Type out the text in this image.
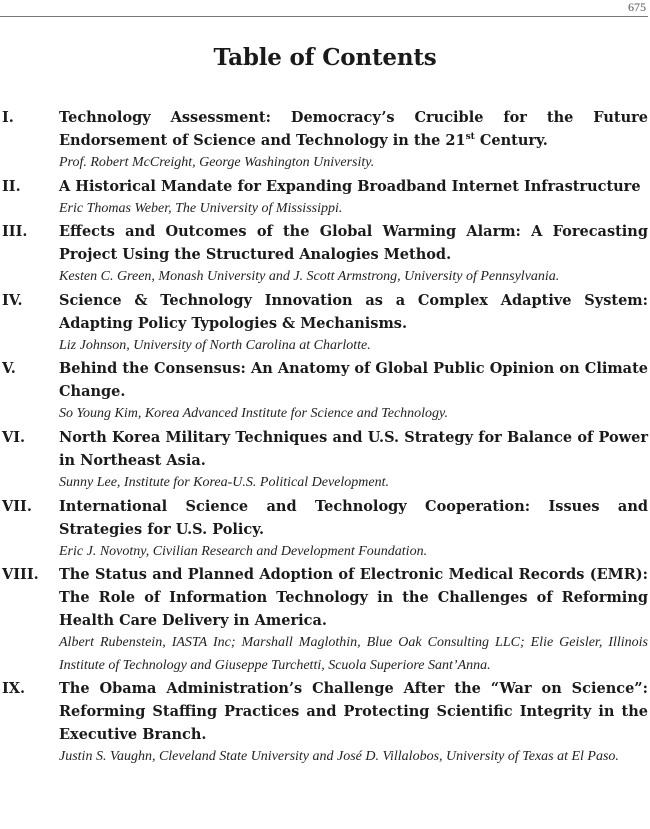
675
Table of Contents
I.	Technology Assessment: Democracy’s Crucible for the Future Endorsement of Science and Technology in the 21st Century.
Prof. Robert McCreight, George Washington University.
II.	A Historical Mandate for Expanding Broadband Internet Infrastructure
Eric Thomas Weber, The University of Mississippi.
III.	Effects and Outcomes of the Global Warming Alarm: A Forecasting Project Using the Structured Analogies Method.
Kesten C. Green, Monash University and J. Scott Armstrong, University of Pennsylvania.
IV.	Science & Technology Innovation as a Complex Adaptive System: Adapting Policy Typologies & Mechanisms.
Liz Johnson, University of North Carolina at Charlotte.
V.	Behind the Consensus: An Anatomy of Global Public Opinion on Climate Change.
So Young Kim, Korea Advanced Institute for Science and Technology.
VI.	North Korea Military Techniques and U.S. Strategy for Balance of Power in Northeast Asia.
Sunny Lee, Institute for Korea-U.S. Political Development.
VII.	International Science and Technology Cooperation: Issues and Strategies for U.S. Policy.
Eric J. Novotny, Civilian Research and Development Foundation.
VIII.	The Status and Planned Adoption of Electronic Medical Records (EMR): The Role of Information Technology in the Challenges of Reforming Health Care Delivery in America.
Albert Rubenstein, IASTA Inc; Marshall Maglothin, Blue Oak Consulting LLC; Elie Geisler, Illinois Institute of Technology and Giuseppe Turchetti, Scuola Superiore Sant’Anna.
IX.	The Obama Administration’s Challenge After the “War on Science”: Reforming Staffing Practices and Protecting Scientific Integrity in the Executive Branch.
Justin S. Vaughn, Cleveland State University and José D. Villalobos, University of Texas at El Paso.
